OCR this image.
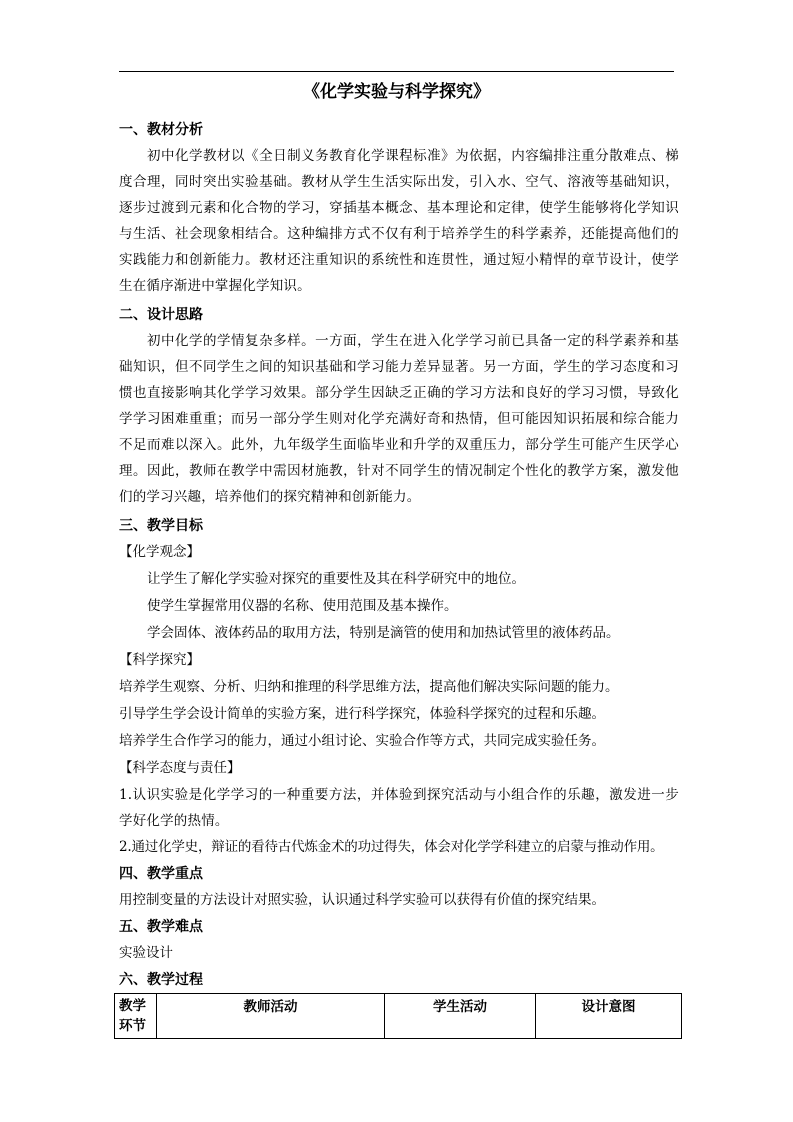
《化学实验与科学探究》

一、教材分析

初中化学教材以《全日制义务教育化学课程标准》为依据，内容编排注重分散难点、梯度合理，同时突出实验基础。教材从学生生活实际出发，引入水、空气、溶液等基础知识，逐步过渡到元素和化合物的学习，穿插基本概念、基本理论和定律，使学生能够将化学知识与生活、社会现象相结合。这种编排方式不仅有利于培养学生的科学素养，还能提高他们的实践能力和创新能力。教材还注重知识的系统性和连贯性，通过短小精悍的章节设计，使学生在循序渐进中掌握化学知识。

二、设计思路

初中化学的学情复杂多样。一方面，学生在进入化学学习前已具备一定的科学素养和基础知识，但不同学生之间的知识基础和学习能力差异显著。另一方面，学生的学习态度和习惯也直接影响其化学学习效果。部分学生因缺乏正确的学习方法和良好的学习习惯，导致化学学习困难重重；而另一部分学生则对化学充满好奇和热情，但可能因知识拓展和综合能力不足而难以深入。此外，九年级学生面临毕业和升学的双重压力，部分学生可能产生厌学心理。因此，教师在教学中需因材施教，针对不同学生的情况制定个性化的教学方案，激发他们的学习兴趣，培养他们的探究精神和创新能力。

三、教学目标

【化学观念】

让学生了解化学实验对探究的重要性及其在科学研究中的地位。

使学生掌握常用仪器的名称、使用范围及基本操作。

学会固体、液体药品的取用方法，特别是滴管的使用和加热试管里的液体药品。

【科学探究】

培养学生观察、分析、归纳和推理的科学思维方法，提高他们解决实际问题的能力。

引导学生学会设计简单的实验方案，进行科学探究，体验科学探究的过程和乐趣。

培养学生合作学习的能力，通过小组讨论、实验合作等方式，共同完成实验任务。

【科学态度与责任】

1.认识实验是化学学习的一种重要方法，并体验到探究活动与小组合作的乐趣，激发进一步学好化学的热情。

2.通过化学史，辩证的看待古代炼金术的功过得失，体会对化学学科建立的启蒙与推动作用。

四、教学重点

用控制变量的方法设计对照实验，认识通过科学实验可以获得有价值的探究结果。

五、教学难点

实验设计

六、教学过程

教学环节	教师活动	学生活动	设计意图
